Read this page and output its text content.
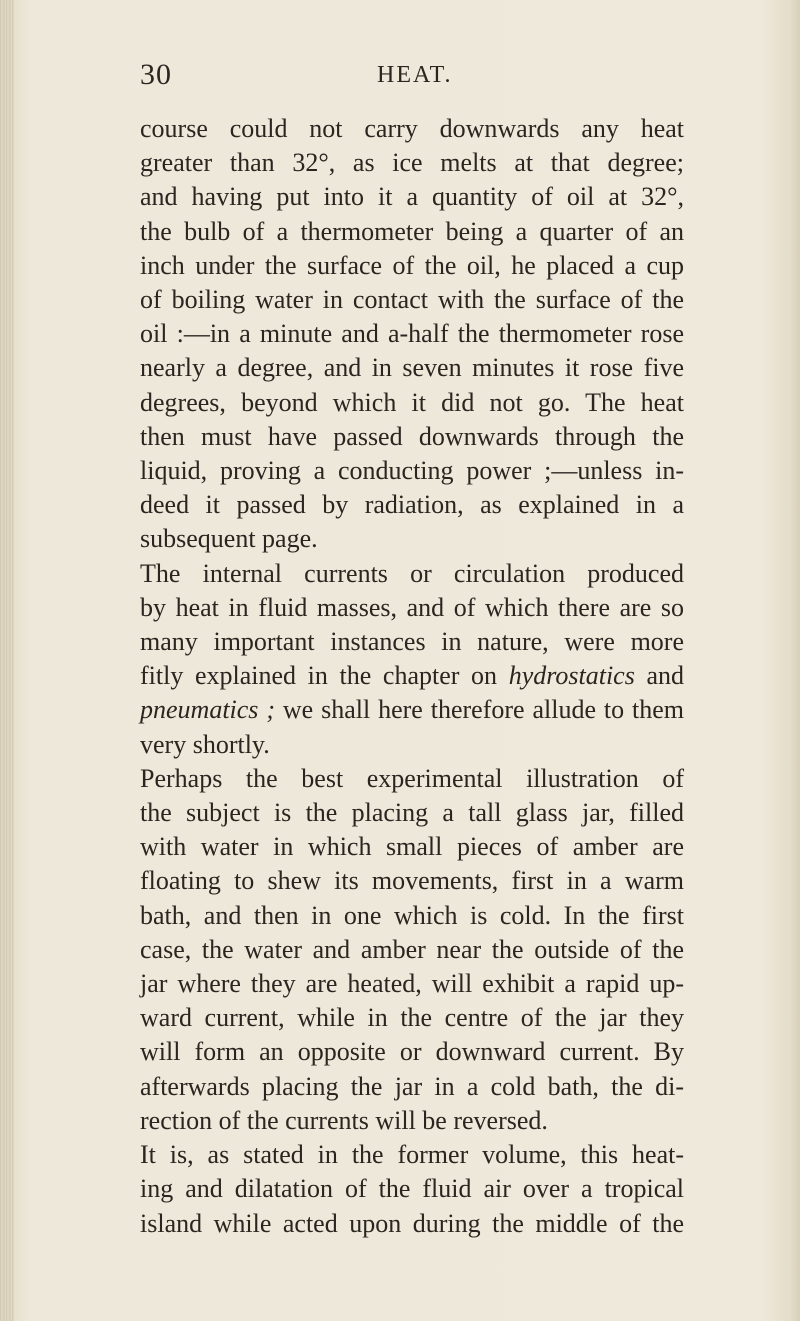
30	HEAT.

course could not carry downwards any heat
greater than 32°, as ice melts at that degree;
and having put into it a quantity of oil at 32°,
the bulb of a thermometer being a quarter of an
inch under the surface of the oil, he placed a cup
of boiling water in contact with the surface of the
oil :—in a minute and a-half the thermometer rose
nearly a degree, and in seven minutes it rose five
degrees, beyond which it did not go. The heat
then must have passed downwards through the
liquid, proving a conducting power ;—unless in-
deed it passed by radiation, as explained in a
subsequent page.

The internal currents or circulation produced
by heat in fluid masses, and of which there are so
many important instances in nature, were more
fitly explained in the chapter on hydrostatics and
pneumatics ; we shall here therefore allude to them
very shortly.

Perhaps the best experimental illustration of
the subject is the placing a tall glass jar, filled
with water in which small pieces of amber are
floating to shew its movements, first in a warm
bath, and then in one which is cold. In the first
case, the water and amber near the outside of the
jar where they are heated, will exhibit a rapid up-
ward current, while in the centre of the jar they
will form an opposite or downward current. By
afterwards placing the jar in a cold bath, the di-
rection of the currents will be reversed.

It is, as stated in the former volume, this heat-
ing and dilatation of the fluid air over a tropical
island while acted upon during the middle of the
